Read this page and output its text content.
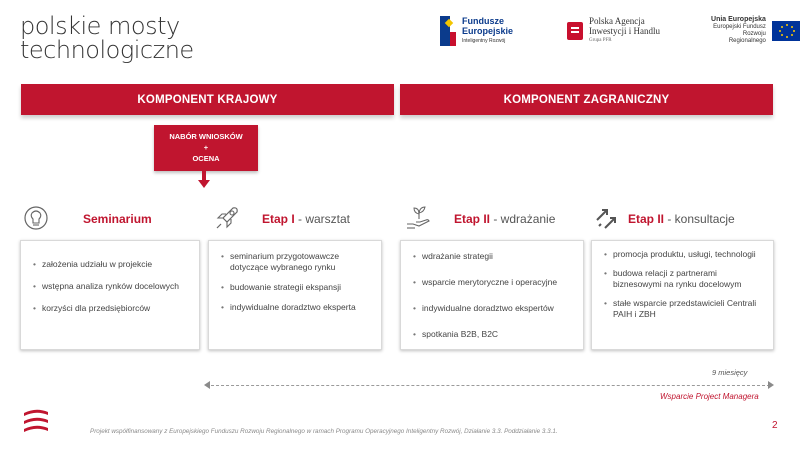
polskie mosty
technologiczne
Fundusze
Europejskie
Inteligentny Rozwój
Polska Agencja
Inwestycji i Handlu
Grupa PFR
Unia Europejska
Europejski Fundusz
Rozwoju Regionalnego
KOMPONENT KRAJOWY	KOMPONENT ZAGRANICZNY
NABÓR WNIOSKÓW
+
OCENA
Seminarium	Etap I - warsztat	Etap II - wdrażanie	Etap II - konsultacje
• założenia udziału w projekcie
• wstępna analiza rynków docelowych
• korzyści dla przedsiębiorców
• seminarium przygotowawcze dotyczące wybranego rynku
• budowanie strategii ekspansji
• indywidualne doradztwo eksperta
• wdrażanie strategii
• wsparcie merytoryczne i operacyjne
• indywidualne doradztwo ekspertów
• spotkania B2B, B2C
• promocja produktu, usługi, technologii
• budowa relacji z partnerami biznesowymi na rynku docelowym
• stałe wsparcie przedstawicieli Centrali PAIH i ZBH
9 miesięcy
Wsparcie Project Managera
Projekt współfinansowany z Europejskiego Funduszu Rozwoju Regionalnego w ramach Programu Operacyjnego Inteligentny Rozwój, Działanie 3.3. Poddziałanie 3.3.1.
2
